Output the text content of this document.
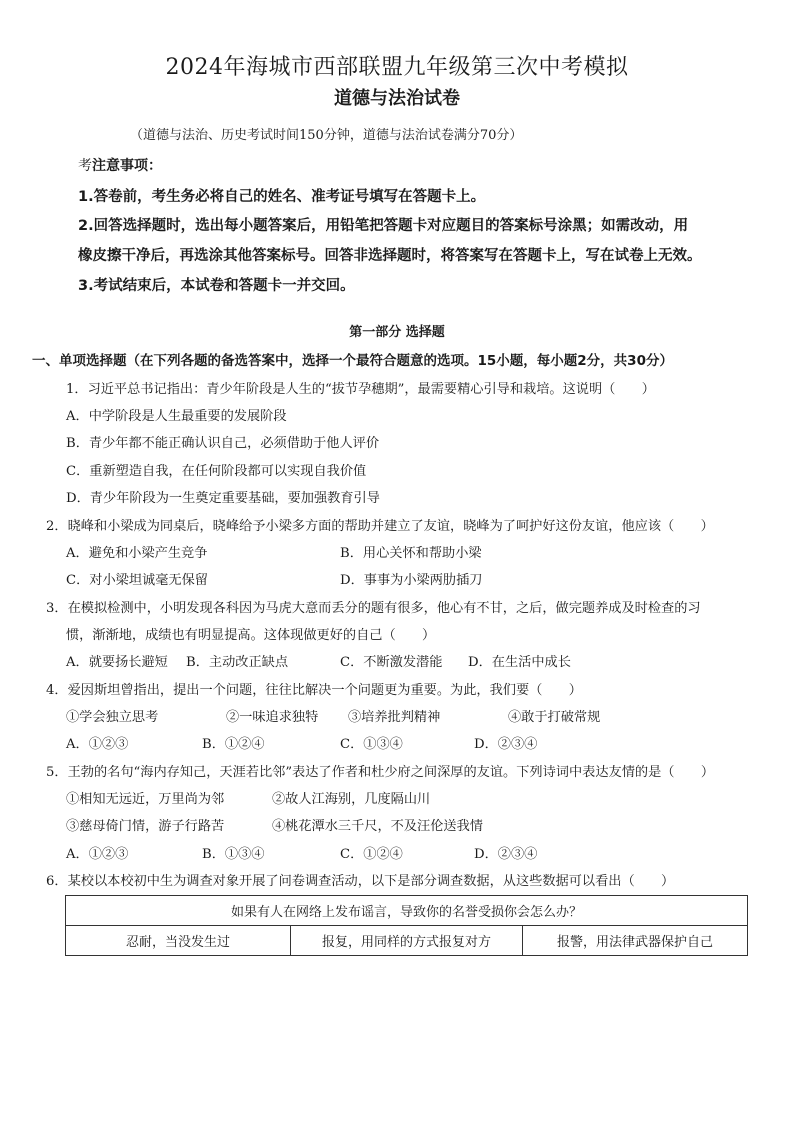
2024年海城市西部联盟九年级第三次中考模拟
道德与法治试卷
（道德与法治、历史考试时间150分钟，道德与法治试卷满分70分）
考注意事项：
1.答卷前，考生务必将自己的姓名、准考证号填写在答题卡上。
2.回答选择题时，选出每小题答案后，用铅笔把答题卡对应题目的答案标号涂黑；如需改动，用
橡皮擦干净后，再选涂其他答案标号。回答非选择题时，将答案写在答题卡上，写在试卷上无效。
3.考试结束后，本试卷和答题卡一并交回。
第一部分 选择题
一、单项选择题（在下列各题的备选答案中，选择一个最符合题意的选项。15小题，每小题2分，共30分）
1．习近平总书记指出：青少年阶段是人生的“拔节孕穗期”，最需要精心引导和栽培。这说明（　　）
A．中学阶段是人生最重要的发展阶段
B．青少年都不能正确认识自己，必须借助于他人评价
C．重新塑造自我，在任何阶段都可以实现自我价值
D．青少年阶段为一生奠定重要基础，要加强教育引导
2．晓峰和小梁成为同桌后，晓峰给予小梁多方面的帮助并建立了友谊，晓峰为了呵护好这份友谊，他应该（　　）
A．避免和小梁产生竞争	B．用心关怀和帮助小梁
C．对小梁坦诚毫无保留	D．事事为小梁两肋插刀
3．在模拟检测中，小明发现各科因为马虎大意而丢分的题有很多，他心有不甘，之后，做完题养成及时检查的习
惯，渐渐地，成绩也有明显提高。这体现做更好的自己（　　）
A．就要扬长避短 B．主动改正缺点	C．不断激发潜能 D．在生活中成长
4．爱因斯坦曾指出，提出一个问题，往往比解决一个问题更为重要。为此，我们要（　　）
①学会独立思考	②一味追求独特 ③培养批判精神	④敢于打破常规
A．①②③	B．①②④	C．①③④	D．②③④
5．王勃的名句“海内存知己，天涯若比邻”表达了作者和杜少府之间深厚的友谊。下列诗词中表达友情的是（　　）
①相知无远近，万里尚为邻	②故人江海别，几度隔山川
③慈母倚门情，游子行路苦	④桃花潭水三千尺，不及汪伦送我情
A．①②③	B．①③④	C．①②④	D．②③④
6．某校以本校初中生为调查对象开展了问卷调查活动，以下是部分调查数据，从这些数据可以看出（　　）
如果有人在网络上发布谣言，导致你的名誉受损你会怎么办？
忍耐，当没发生过	报复，用同样的方式报复对方	报警，用法律武器保护自己
